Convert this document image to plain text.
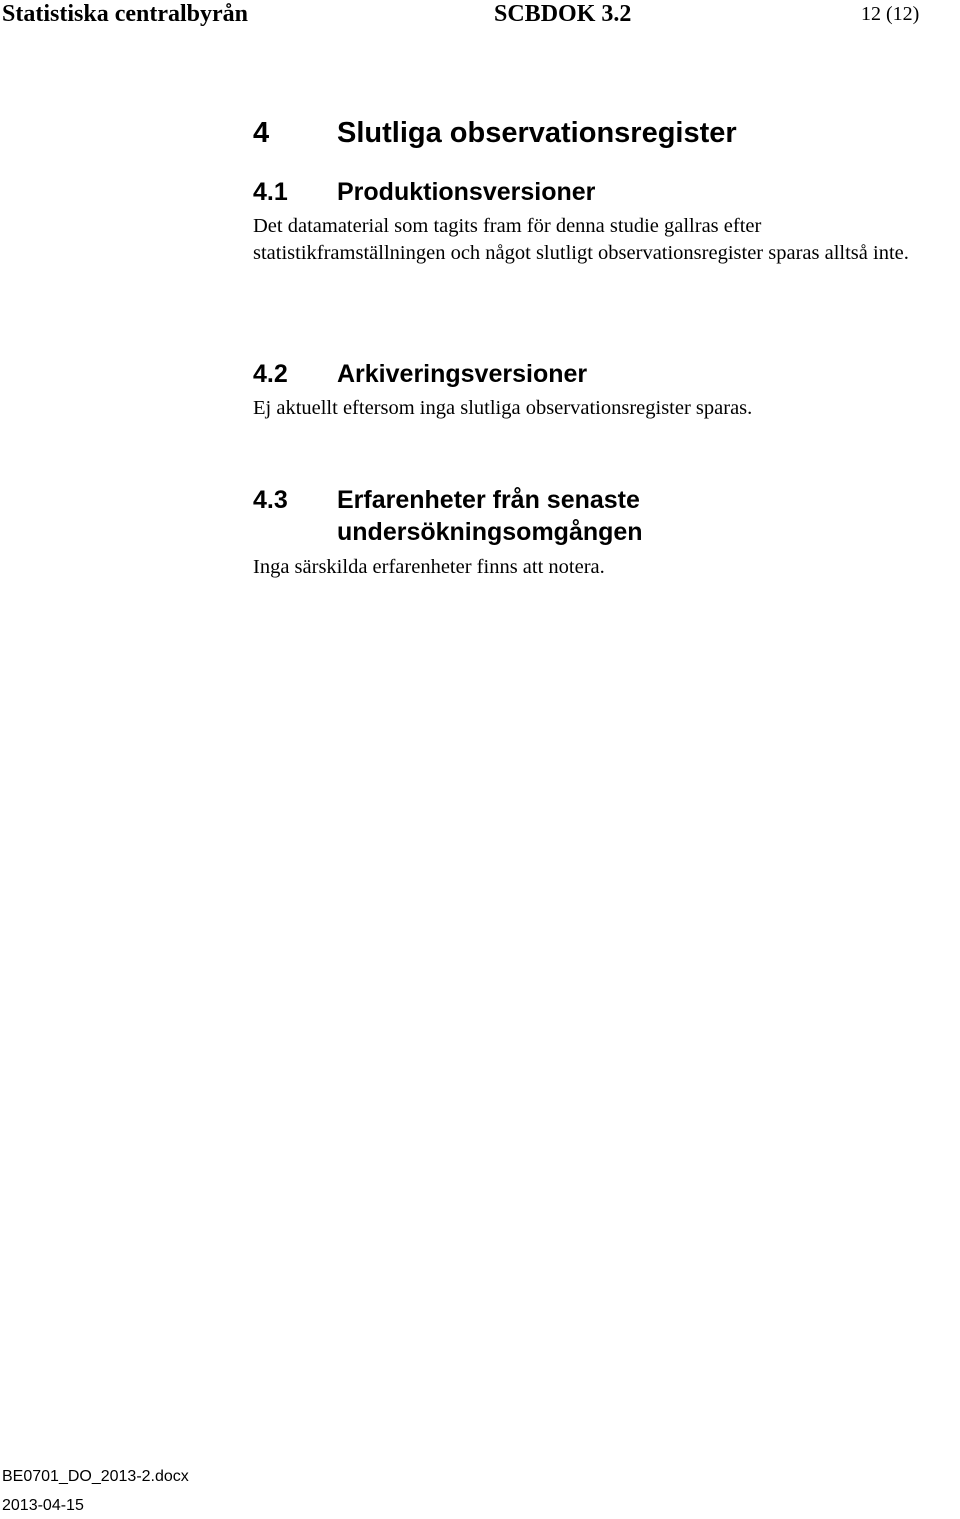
Statistiska centralbyrån	SCBDOK 3.2	12 (12)
4 Slutliga observationsregister
4.1 Produktionsversioner
Det datamaterial som tagits fram för denna studie gallras efter statistikframställningen och något slutligt observationsregister sparas alltså inte.
4.2 Arkiveringsversioner
Ej aktuellt eftersom inga slutliga observationsregister sparas.
4.3 Erfarenheter från senaste
undersökningsomgången
Inga särskilda erfarenheter finns att notera.
BE0701_DO_2013-2.docx
2013-04-15
